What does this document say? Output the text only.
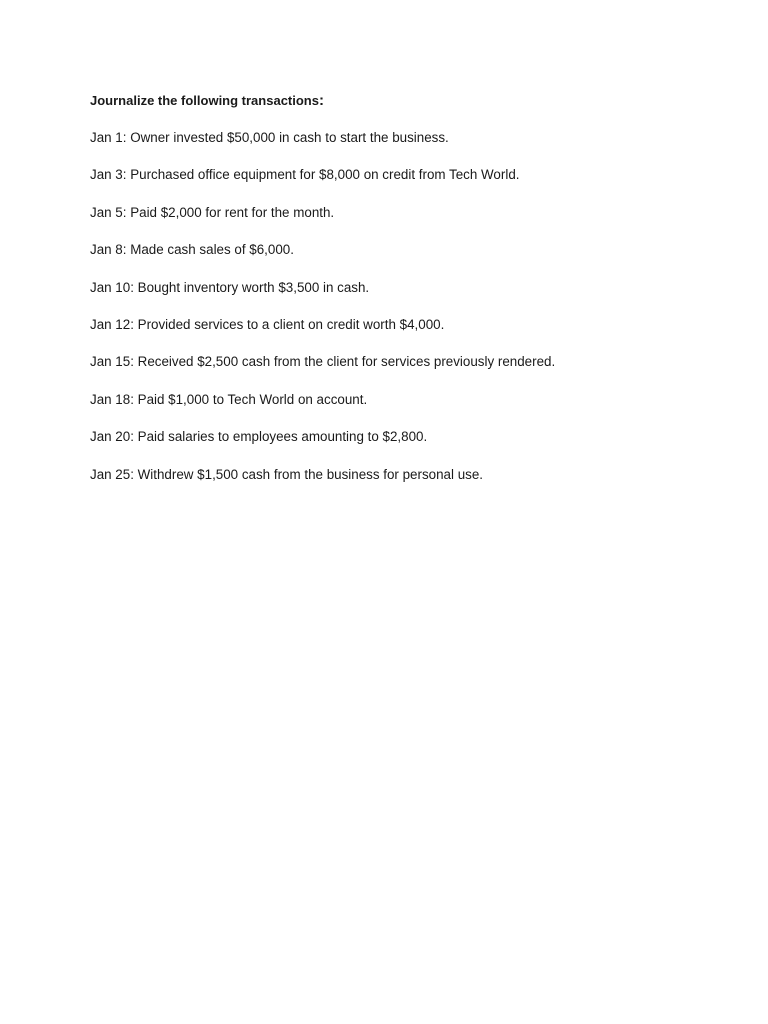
Journalize the following transactions:
Jan 1: Owner invested $50,000 in cash to start the business.
Jan 3: Purchased office equipment for $8,000 on credit from Tech World.
Jan 5: Paid $2,000 for rent for the month.
Jan 8: Made cash sales of $6,000.
Jan 10: Bought inventory worth $3,500 in cash.
Jan 12: Provided services to a client on credit worth $4,000.
Jan 15: Received $2,500 cash from the client for services previously rendered.
Jan 18: Paid $1,000 to Tech World on account.
Jan 20: Paid salaries to employees amounting to $2,800.
Jan 25: Withdrew $1,500 cash from the business for personal use.
